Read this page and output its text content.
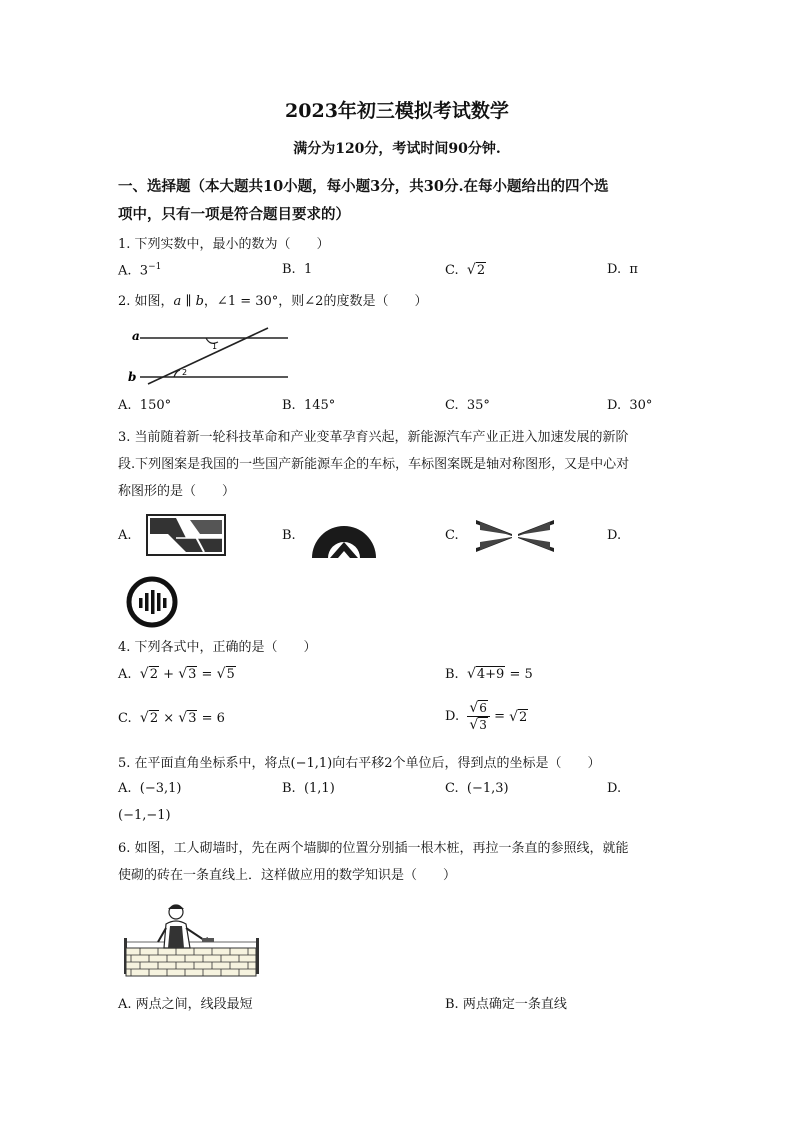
2023年初三模拟考试数学
满分为120分，考试时间90分钟.
一、选择题（本大题共10小题，每小题3分，共30分.在每小题给出的四个选
项中，只有一项是符合题目要求的）
1. 下列实数中，最小的数为（　　）
A. $3^{-1}$	B. 1	C. √2	D. π
2. 如图，a ∥ b，∠1 = 30°，则∠2的度数是（　　）
a
b
1
2
A. 150°	B. 145°	C. 35°	D. 30°
3. 当前随着新一轮科技革命和产业变革孕育兴起，新能源汽车产业正进入加速发展的新阶
段.下列图案是我国的一些国产新能源车企的车标，车标图案既是轴对称图形，又是中心对
称图形的是（　　）
A.	B.	C.	D.
4. 下列各式中，正确的是（　　）
A. √2 + √3 = √5	B. √4+9 = 5
C. √2 × √3 = 6	D. $\frac{√6}{√3} = √2$
5. 在平面直角坐标系中，将点(−1,1)向右平移2个单位后，得到点的坐标是（　　）
A. (−3,1)	B. (1,1)	C. (−1,3)	D.
(−1,−1)
6. 如图，工人砌墙时，先在两个墙脚的位置分别插一根木桩，再拉一条直的参照线，就能
使砌的砖在一条直线上．这样做应用的数学知识是（　　）
A. 两点之间，线段最短	B. 两点确定一条直线
